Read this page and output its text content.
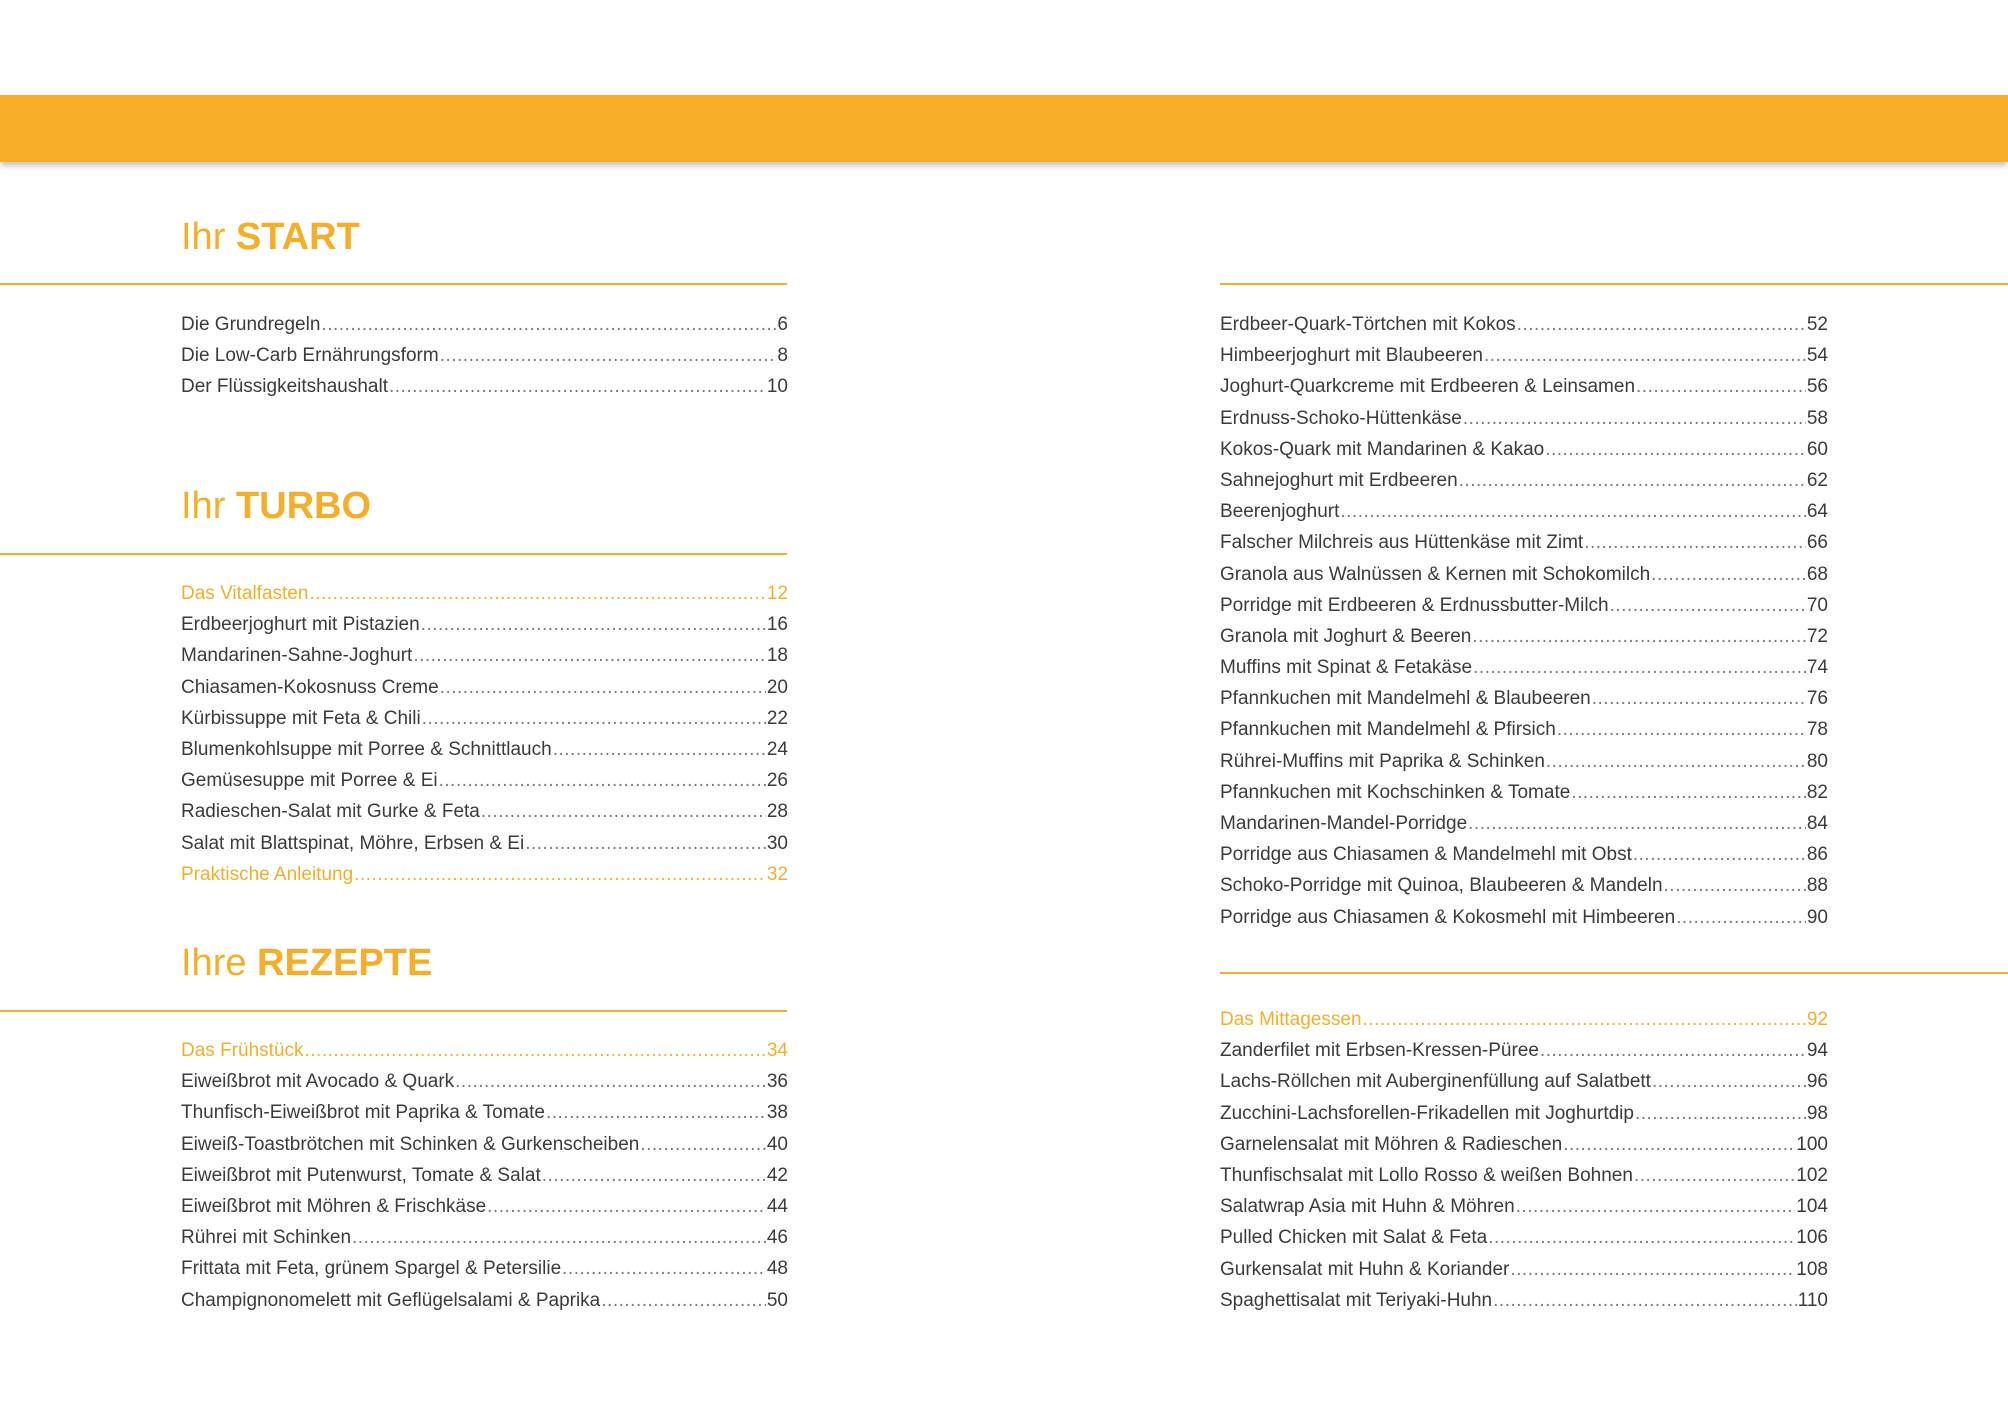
Ihr START
Die Grundregeln .....	6
Die Low-Carb Ernährungsform .....	8
Der Flüssigkeitshaushalt .....	10
Ihr TURBO
Das Vitalfasten .....	12
Erdbeerjoghurt mit Pistazien .....	16
Mandarinen-Sahne-Joghurt .....	18
Chiasamen-Kokosnuss Creme .....	20
Kürbissuppe mit Feta & Chili .....	22
Blumenkohlsuppe mit Porree & Schnittlauch .....	24
Gemüsesuppe mit Porree & Ei .....	26
Radieschen-Salat mit Gurke & Feta .....	28
Salat mit Blattspinat, Möhre, Erbsen & Ei .....	30
Praktische Anleitung .....	32
Ihre REZEPTE
Das Frühstück .....	34
Eiweißbrot mit Avocado & Quark .....	36
Thunfisch-Eiweißbrot mit Paprika & Tomate .....	38
Eiweiß-Toastbrötchen mit Schinken & Gurkenscheiben .....	40
Eiweißbrot mit Putenwurst, Tomate & Salat .....	42
Eiweißbrot mit Möhren & Frischkäse .....	44
Rührei mit Schinken .....	46
Frittata mit Feta, grünem Spargel & Petersilie .....	48
Champignonomelett mit Geflügelsalami & Paprika .....	50
Erdbeer-Quark-Törtchen mit Kokos .....	52
Himbeerjoghurt mit Blaubeeren .....	54
Joghurt-Quarkcreme mit Erdbeeren & Leinsamen .....	56
Erdnuss-Schoko-Hüttenkäse .....	58
Kokos-Quark mit Mandarinen & Kakao .....	60
Sahnejoghurt mit Erdbeeren .....	62
Beerenjoghurt .....	64
Falscher Milchreis aus Hüttenkäse mit Zimt .....	66
Granola aus Walnüssen & Kernen mit Schokomilch .....	68
Porridge mit Erdbeeren & Erdnussbutter-Milch .....	70
Granola mit Joghurt & Beeren .....	72
Muffins mit Spinat & Fetakäse .....	74
Pfannkuchen mit Mandelmehl & Blaubeeren .....	76
Pfannkuchen mit Mandelmehl & Pfirsich .....	78
Rührei-Muffins mit Paprika & Schinken .....	80
Pfannkuchen mit Kochschinken & Tomate .....	82
Mandarinen-Mandel-Porridge .....	84
Porridge aus Chiasamen & Mandelmehl mit Obst .....	86
Schoko-Porridge mit Quinoa, Blaubeeren & Mandeln .....	88
Porridge aus Chiasamen & Kokosmehl mit Himbeeren .....	90
Das Mittagessen .....	92
Zanderfilet mit Erbsen-Kressen-Püree .....	94
Lachs-Röllchen mit Auberginenfüllung auf Salatbett .....	96
Zucchini-Lachsforellen-Frikadellen mit Joghurtdip .....	98
Garnelensalat mit Möhren & Radieschen .....	100
Thunfischsalat mit Lollo Rosso & weißen Bohnen .....	102
Salatwrap Asia mit Huhn & Möhren .....	104
Pulled Chicken mit Salat & Feta .....	106
Gurkensalat mit Huhn & Koriander .....	108
Spaghettisalat mit Teriyaki-Huhn .....	110
